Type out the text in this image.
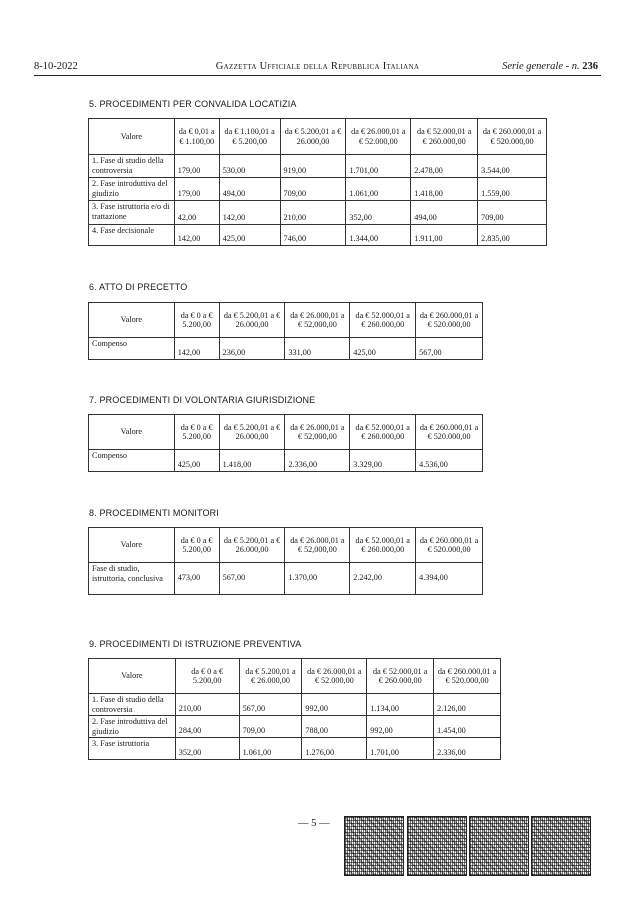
8-10-2022	Gazzetta Ufficiale della Repubblica Italiana	Serie generale - n. 236
5. PROCEDIMENTI PER CONVALIDA LOCATIZIA
Valore	da € 0,01 a € 1.100,00	da € 1.100,01 a € 5.200,00	da € 5.200,01 a € 26.000,00	da € 26.000,01 a € 52.000,00	da € 52.000,01 a € 260.000,00	da € 260.000,01 a € 520.000,00
1. Fase di studio della controversia	179,00	530,00	919,00	1.701,00	2.478,00	3.544,00
2. Fase introduttiva del giudizio	179,00	494,00	709,00	1.061,00	1.418,00	1.559,00
3. Fase istruttoria e/o di trattazione	42,00	142,00	210,00	352,00	494,00	709,00
4. Fase decisionale	142,00	425,00	746,00	1.344,00	1.911,00	2.835,00
6. ATTO DI PRECETTO
Valore	da € 0 a € 5.200,00	da € 5.200,01 a € 26.000,00	da € 26.000,01 a € 52,000,00	da € 52.000,01 a € 260.000,00	da € 260.000,01 a € 520.000,00
Compenso	142,00	236,00	331,00	425,00	567,00
7. PROCEDIMENTI DI VOLONTARIA GIURISDIZIONE
Valore	da € 0 a € 5.200,00	da € 5.200,01 a € 26.000,00	da € 26.000,01 a € 52,000,00	da € 52.000,01 a € 260.000,00	da € 260.000,01 a € 520.000,00
Compenso	425,00	1.418,00	2.336,00	3.329,00	4.536,00
8. PROCEDIMENTI MONITORI
Valore	da € 0 a € 5.200,00	da € 5.200,01 a € 26.000,00	da € 26.000,01 a € 52,000,00	da € 52.000,01 a € 260.000,00	da € 260.000,01 a € 520.000,00
Fase di studio, istruttoria, conclusiva	473,00	567,00	1.370,00	2.242,00	4.394,00
9. PROCEDIMENTI DI ISTRUZIONE PREVENTIVA
Valore	da € 0 a € 5.200,00	da € 5.200,01 a € 26.000,00	da € 26.000,01 a € 52.000,00	da € 52.000,01 a € 260.000,00	da € 260.000,01 a € 520.000,00
1. Fase di studio della controversia	210,00	567,00	992,00	1.134,00	2.126,00
2. Fase introduttiva del giudizio	284,00	709,00	788,00	992,00	1.454,00
3. Fase istruttoria	352,00	1.061,00	1.276,00	1.701,00	2.336,00
— 5 —
